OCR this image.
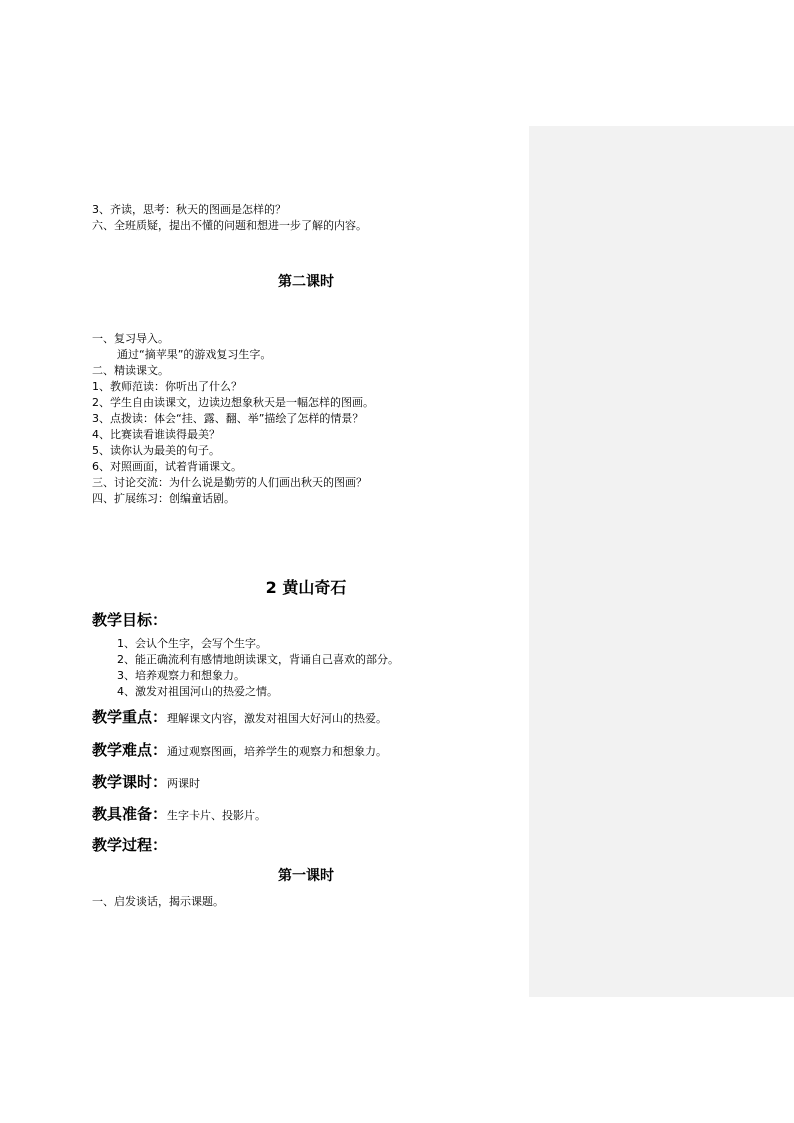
3、齐读，思考：秋天的图画是怎样的？
六、全班质疑，提出不懂的问题和想进一步了解的内容。
第二课时
一、复习导入。
通过“摘苹果”的游戏复习生字。
二、精读课文。
1、教师范读：你听出了什么？
2、学生自由读课文，边读边想象秋天是一幅怎样的图画。
3、点拨读：体会“挂、露、翻、举”描绘了怎样的情景？
4、比赛读看谁读得最美？
5、读你认为最美的句子。
6、对照画面，试着背诵课文。
三、讨论交流：为什么说是勤劳的人们画出秋天的图画？
四、扩展练习：创编童话剧。
2 黄山奇石
教学目标：
1、会认个生字，会写个生字。
2、能正确流利有感情地朗读课文，背诵自己喜欢的部分。
3、培养观察力和想象力。
4、激发对祖国河山的热爱之情。
教学重点：理解课文内容，激发对祖国大好河山的热爱。
教学难点：通过观察图画，培养学生的观察力和想象力。
教学课时：两课时
教具准备：生字卡片、投影片。
教学过程：
第一课时
一、启发谈话，揭示课题。
